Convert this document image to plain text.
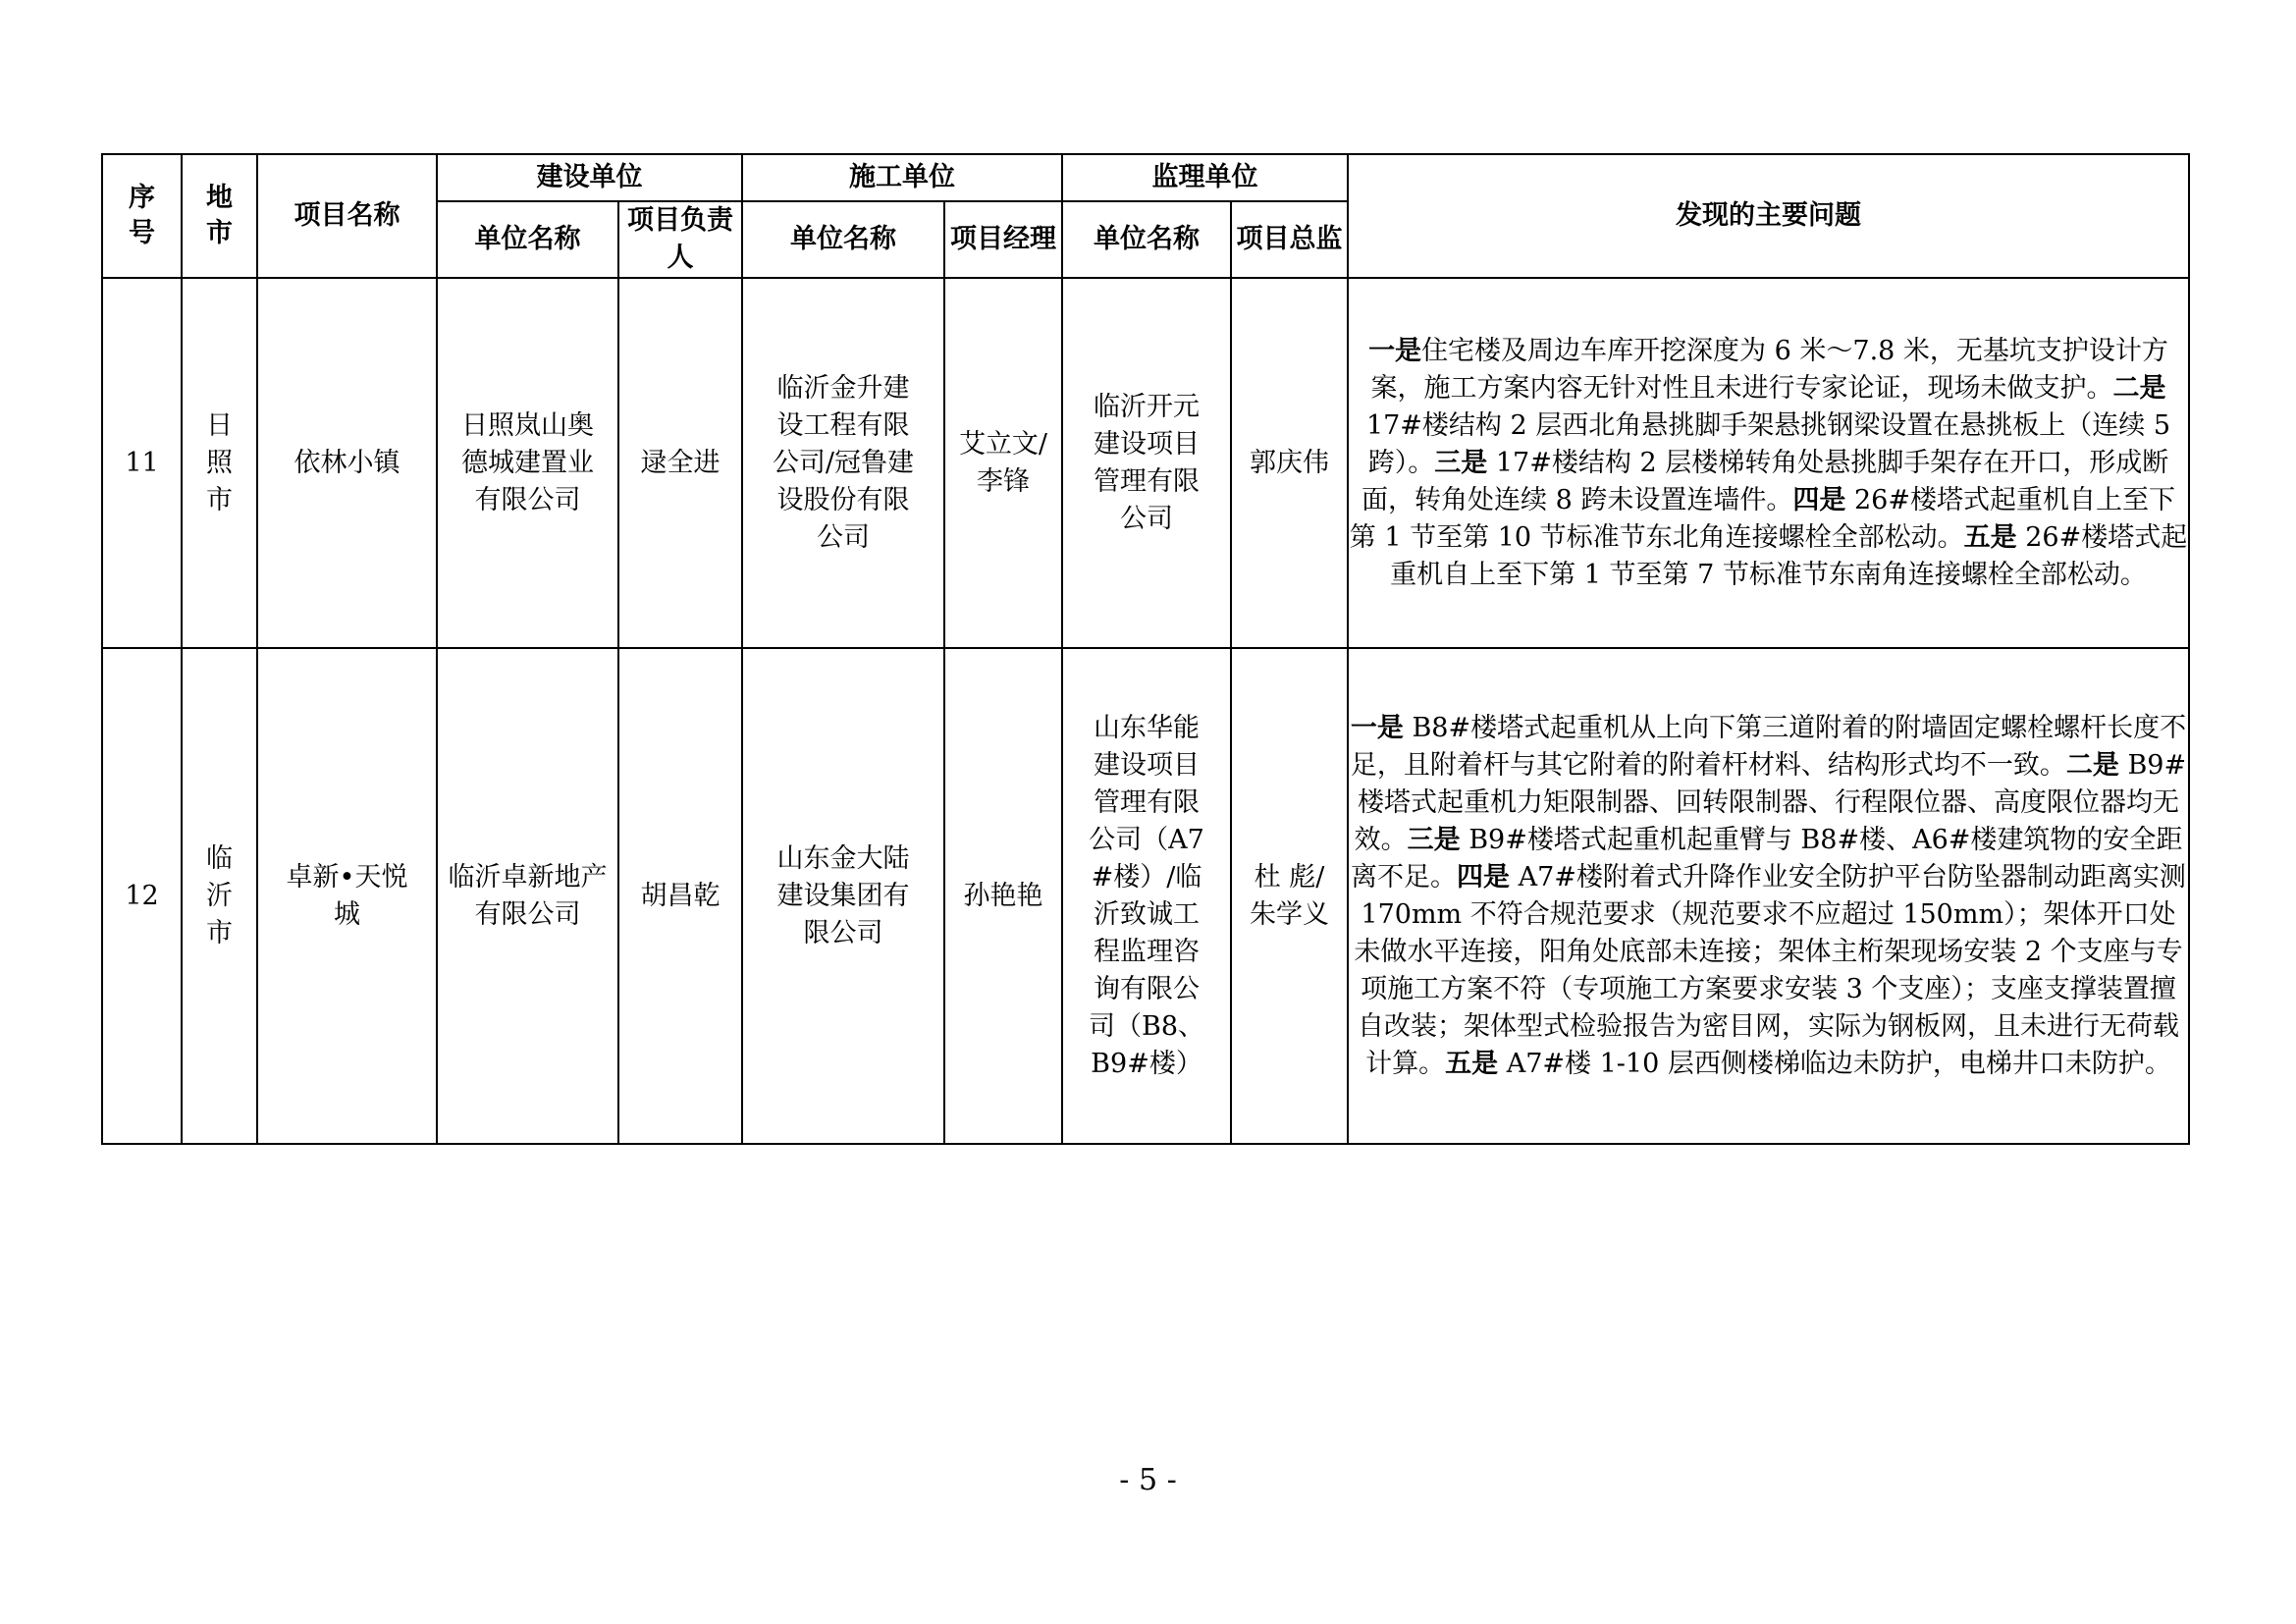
序号	地市	项目名称	建设单位		施工单位		监理单位		发现的主要问题
			单位名称	项目负责人	单位名称	项目经理	单位名称	项目总监	
11	日照市	依林小镇	日照岚山奥德城建置业有限公司	逯全进	临沂金升建设工程有限公司/冠鲁建设股份有限公司	艾立文/李锋	临沂开元建设项目管理有限公司	郭庆伟	一是住宅楼及周边车库开挖深度为 6 米～7.8 米，无基坑支护设计方案，施工方案内容无针对性且未进行专家论证，现场未做支护。二是 17#楼结构 2 层西北角悬挑脚手架悬挑钢梁设置在悬挑板上（连续 5 跨）。三是 17#楼结构 2 层楼梯转角处悬挑脚手架存在开口，形成断面，转角处连续 8 跨未设置连墙件。四是 26#楼塔式起重机自上至下第 1 节至第 10 节标准节东北角连接螺栓全部松动。五是 26#楼塔式起重机自上至下第 1 节至第 7 节标准节东南角连接螺栓全部松动。
12	临沂市	卓新•天悦城	临沂卓新地产有限公司	胡昌乾	山东金大陆建设集团有限公司	孙艳艳	山东华能建设项目管理有限公司（A7#楼）/临沂致诚工程监理咨询有限公司（B8、B9#楼）	杜 彪/朱学义	一是 B8#楼塔式起重机从上向下第三道附着的附墙固定螺栓螺杆长度不足，且附着杆与其它附着的附着杆材料、结构形式均不一致。二是 B9#楼塔式起重机力矩限制器、回转限制器、行程限位器、高度限位器均无效。三是 B9#楼塔式起重机起重臂与 B8#楼、A6#楼建筑物的安全距离不足。四是 A7#楼附着式升降作业安全防护平台防坠器制动距离实测 170mm 不符合规范要求（规范要求不应超过 150mm）；架体开口处未做水平连接，阳角处底部未连接；架体主桁架现场安装 2 个支座与专项施工方案不符（专项施工方案要求安装 3 个支座）；支座支撑装置擅自改装；架体型式检验报告为密目网，实际为钢板网，且未进行无荷载计算。五是 A7#楼 1-10 层西侧楼梯临边未防护，电梯井口未防护。
- 5 -
